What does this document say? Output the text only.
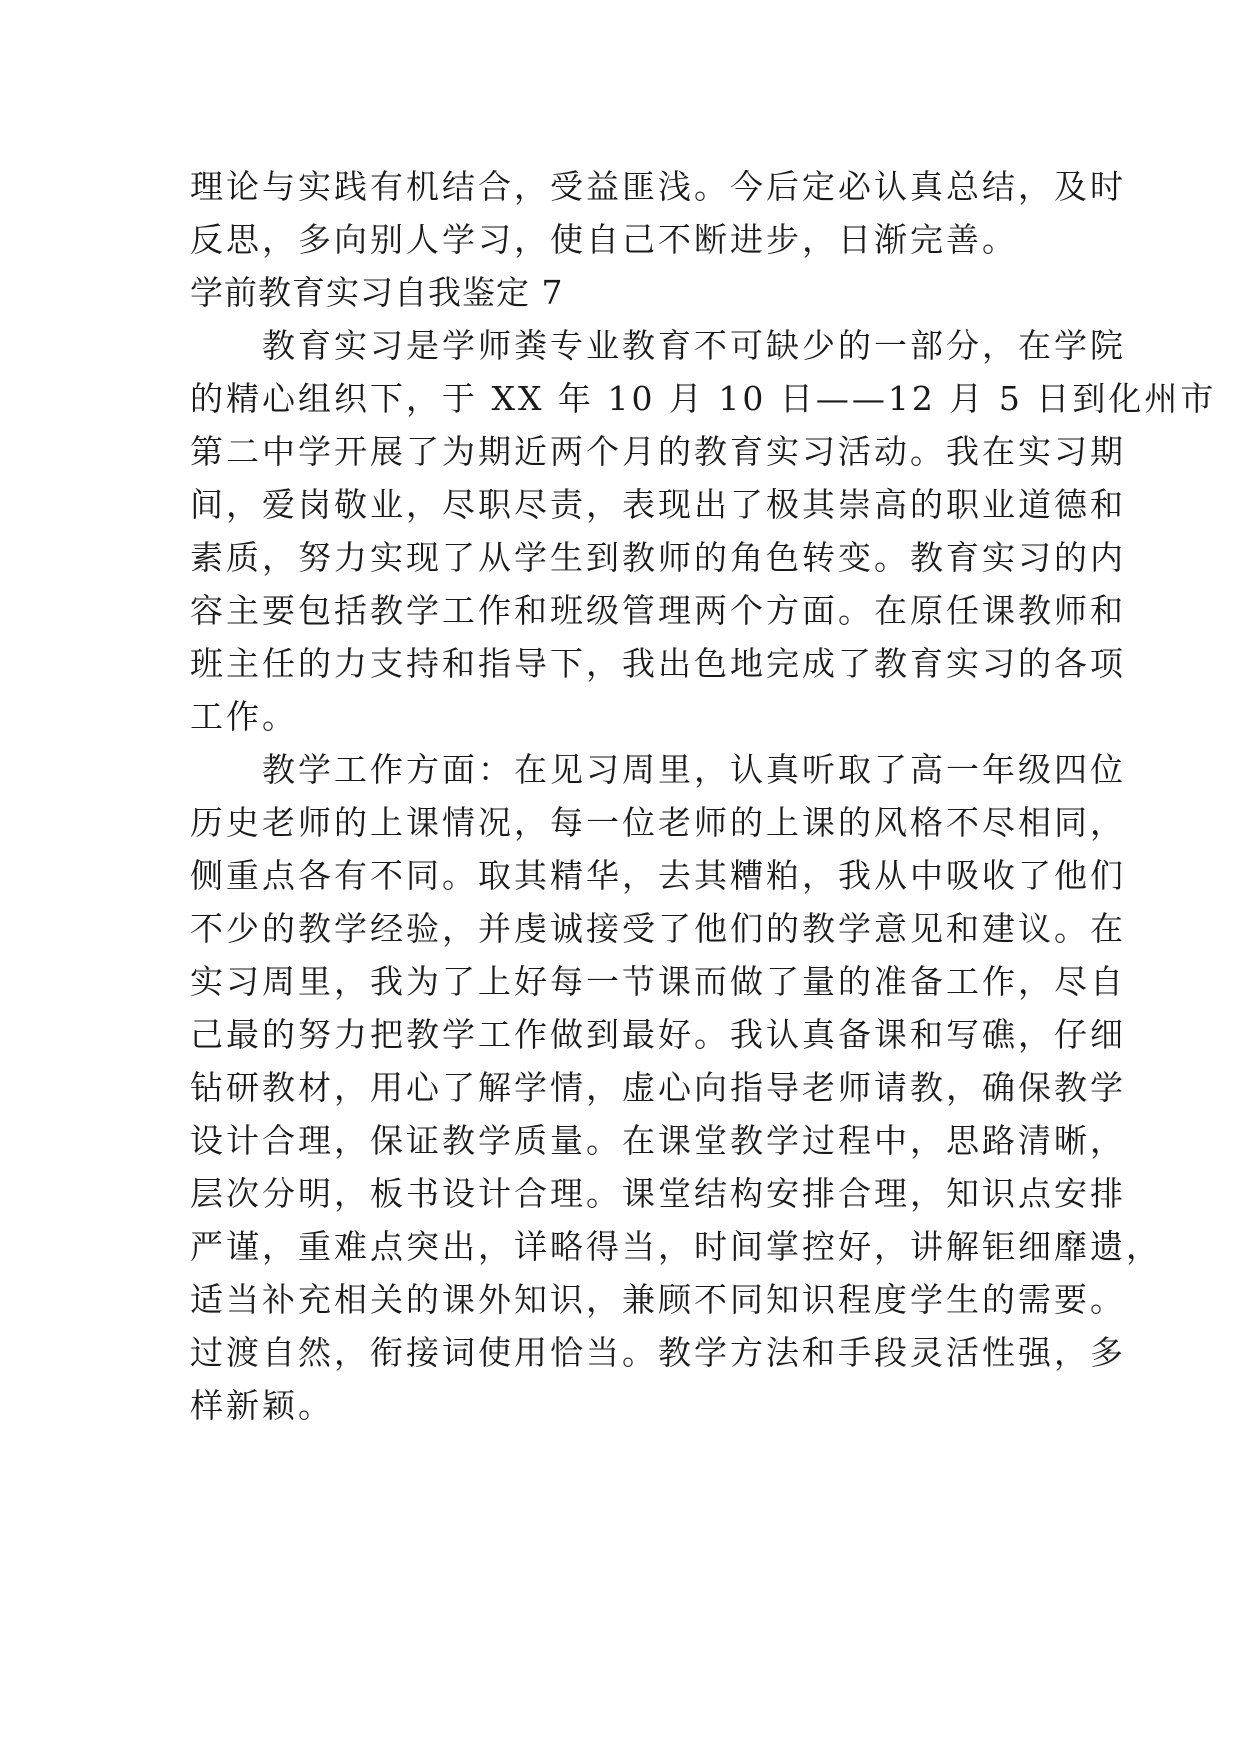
理论与实践有机结合，受益匪浅。今后定必认真总结，及时
反思，多向别人学习，使自己不断进步，日渐完善。
学前教育实习自我鉴定 7
　　教育实习是学师粪专业教育不可缺少的一部分，在学院
的精心组织下，于 XX 年 10 月 10 日——12 月 5 日到化州市
第二中学开展了为期近两个月的教育实习活动。我在实习期
间，爱岗敬业，尽职尽责，表现出了极其崇高的职业道德和
素质，努力实现了从学生到教师的角色转变。教育实习的内
容主要包括教学工作和班级管理两个方面。在原任课教师和
班主任的力支持和指导下，我出色地完成了教育实习的各项
工作。
　　教学工作方面：在见习周里，认真听取了高一年级四位
历史老师的上课情况，每一位老师的上课的风格不尽相同，
侧重点各有不同。取其精华，去其糟粕，我从中吸收了他们
不少的教学经验，并虔诚接受了他们的教学意见和建议。在
实习周里，我为了上好每一节课而做了量的准备工作，尽自
己最的努力把教学工作做到最好。我认真备课和写礁，仔细
钻研教材，用心了解学情，虚心向指导老师请教，确保教学
设计合理，保证教学质量。在课堂教学过程中，思路清晰，
层次分明，板书设计合理。课堂结构安排合理，知识点安排
严谨，重难点突出，详略得当，时间掌控好，讲解钜细靡遗，
适当补充相关的课外知识，兼顾不同知识程度学生的需要。
过渡自然，衔接词使用恰当。教学方法和手段灵活性强，多
样新颖。
